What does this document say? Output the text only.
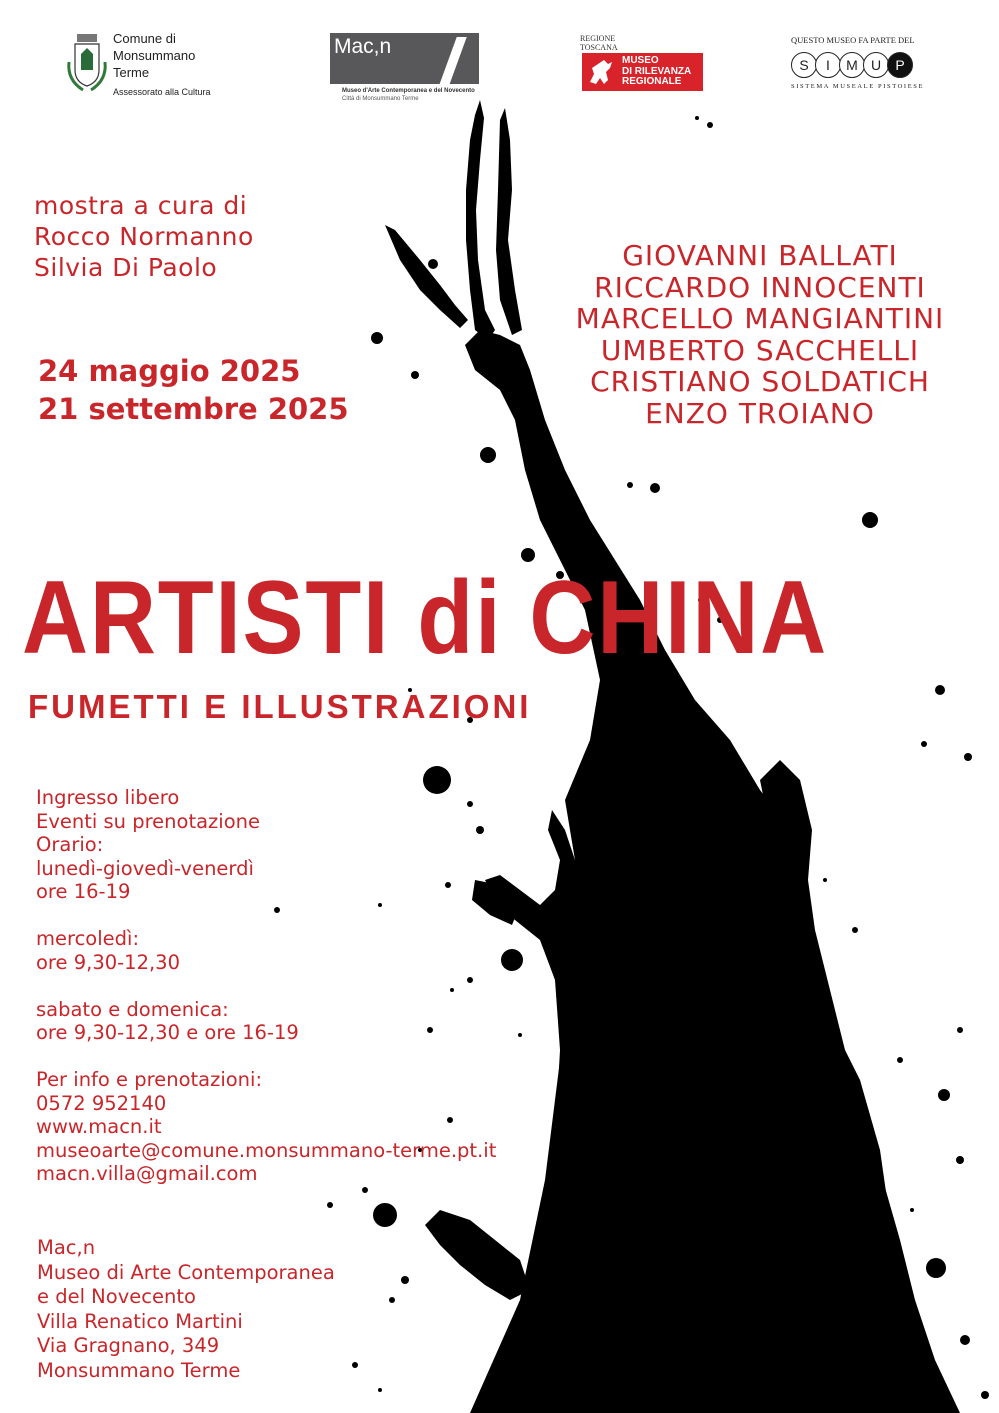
Comune di
Monsummano
Terme
Assessorato alla Cultura
Mac,n
Museo d'Arte Contemporanea e del Novecento
Città di Monsummano Terme
REGIONE
TOSCANA
MUSEO
DI RILEVANZA
REGIONALE
QUESTO MUSEO FA PARTE DEL
S	I	M U	P
SISTEMA MUSEALE PISTOIESE
mostra a cura di
Rocco Normanno
Silvia Di Paolo
24 maggio 2025
21 settembre 2025
GIOVANNI BALLATI
RICCARDO INNOCENTI
MARCELLO MANGIANTINI
UMBERTO SACCHELLI
CRISTIANO SOLDATICH
ENZO TROIANO
ARTISTI di CHINA
FUMETTI E ILLUSTRAZIONI
Ingresso libero
Eventi su prenotazione
Orario:
lunedì-giovedì-venerdì
ore 16-19
mercoledì:
ore 9,30-12,30
sabato e domenica:
ore 9,30-12,30 e ore 16-19
Per info e prenotazioni:
0572 952140
www.macn.it
museoarte@comune.monsummano-terme.pt.it
macn.villa@gmail.com
Mac,n
Museo di Arte Contemporanea
e del Novecento
Villa Renatico Martini
Via Gragnano, 349
Monsummano Terme
